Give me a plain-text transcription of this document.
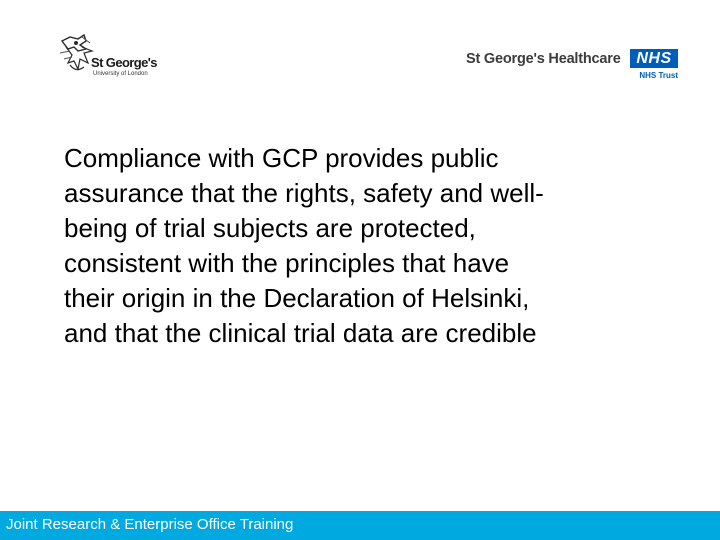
St George's
University of London
St George's Healthcare NHS
NHS Trust
Compliance with GCP provides public
assurance that the rights, safety and well-
being of trial subjects are protected,
consistent with the principles that have
their origin in the Declaration of Helsinki,
and that the clinical trial data are credible
Joint Research & Enterprise Office Training
